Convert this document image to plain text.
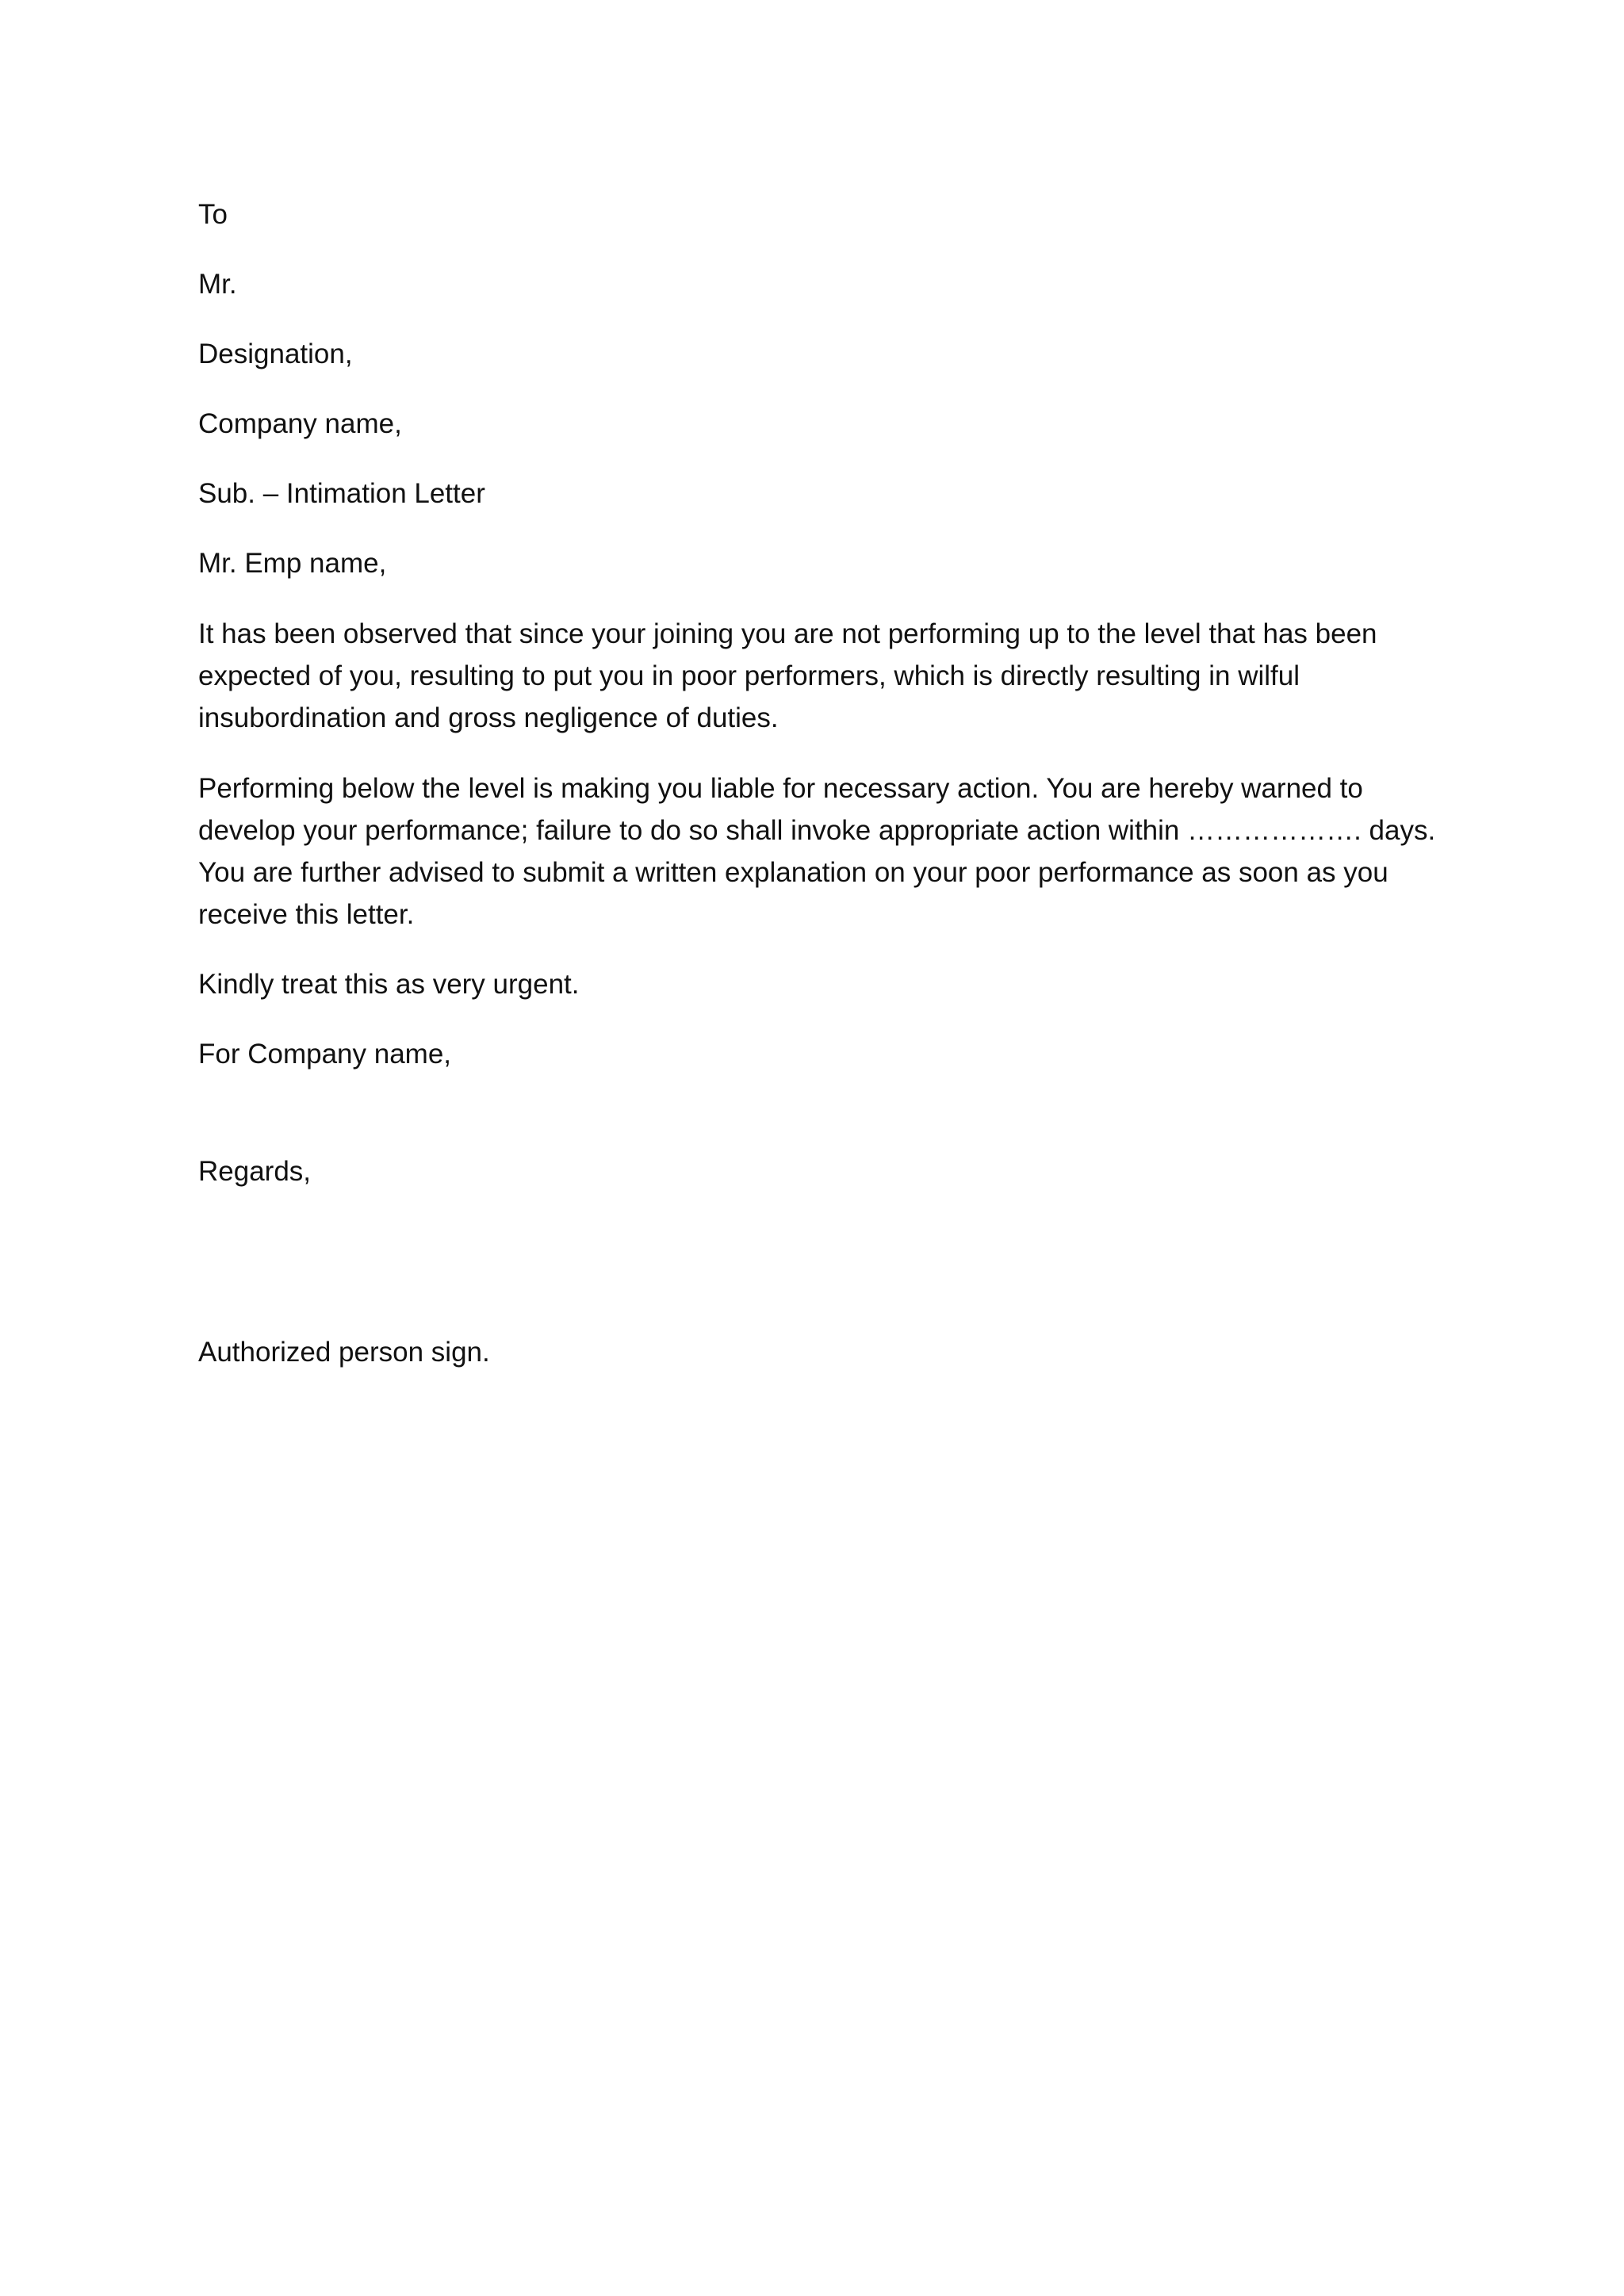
To

Mr.

Designation,

Company name,

Sub. – Intimation Letter

Mr. Emp name,

It has been observed that since your joining you are not performing up to the level that has been
expected of you, resulting to put you in poor performers, which is directly resulting in wilful
insubordination and gross negligence of duties.
Performing below the level is making you liable for necessary action. You are hereby warned to
develop your performance; failure to do so shall invoke appropriate action within ………………. days.
You are further advised to submit a written explanation on your poor performance as soon as you
receive this letter.

Kindly treat this as very urgent.

For Company name,

Regards,

Authorized person sign.
